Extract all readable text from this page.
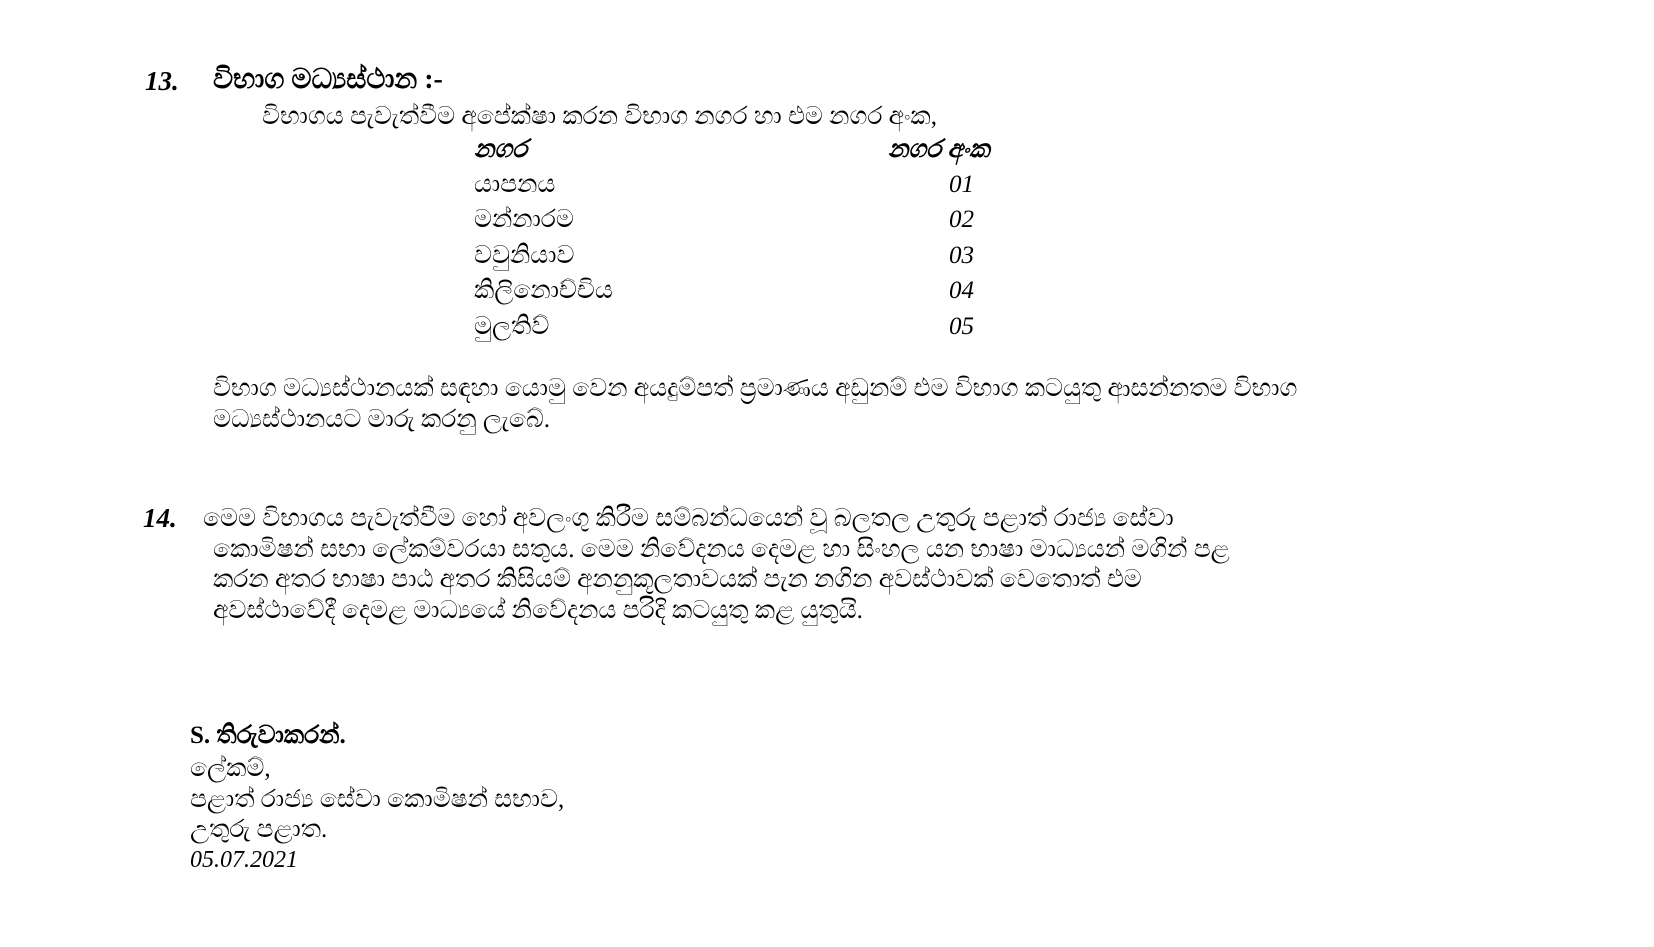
13. විභාග මධ්‍යස්ථාන :-
විභාගය පැවැත්වීම අපේක්ෂා කරන විභාග නගර හා එම නගර අංක,
නගර	නගර අංක
යාපනය	01
මන්නාරම	02
වවුනියාව	03
කිලිනොච්චිය	04
මුලතිව්	05
විභාග මධ්‍යස්ථානයක් සඳහා යොමු වෙන අයදුම්පත් ප්‍රමාණය අඩුනම් එම විභාග කටයුතු ආසන්නතම විභාග
මධ්‍යස්ථානයට මාරු කරනු ලැබේ.
14. මෙම විභාගය පැවැත්වීම හෝ අවලංගු කිරීම සම්බන්ධයෙන් වූ බලතල උතුරු පළාත් රාජ්‍ය සේවා
කොමිෂන් සභා ලේකම්වරයා සතුය. මෙම නිවේදනය දෙමළ හා සිංහල යන භාෂා මාධ්‍යයන් මගින් පළ
කරන අතර භාෂා පාඨ අතර කිසියම් අනනුකූලතාවයක් පැන නගින අවස්ථාවක් වෙතොත් එම
අවස්ථාවේදී දෙමළ මාධ්‍යයේ නිවේදනය පරිදි කටයුතු කළ යුතුයි.
S. තිරුවාකරන්.
ලේකම්,
පළාත් රාජ්‍ය සේවා කොමිෂන් සභාව,
උතුරු පළාත.
05.07.2021
